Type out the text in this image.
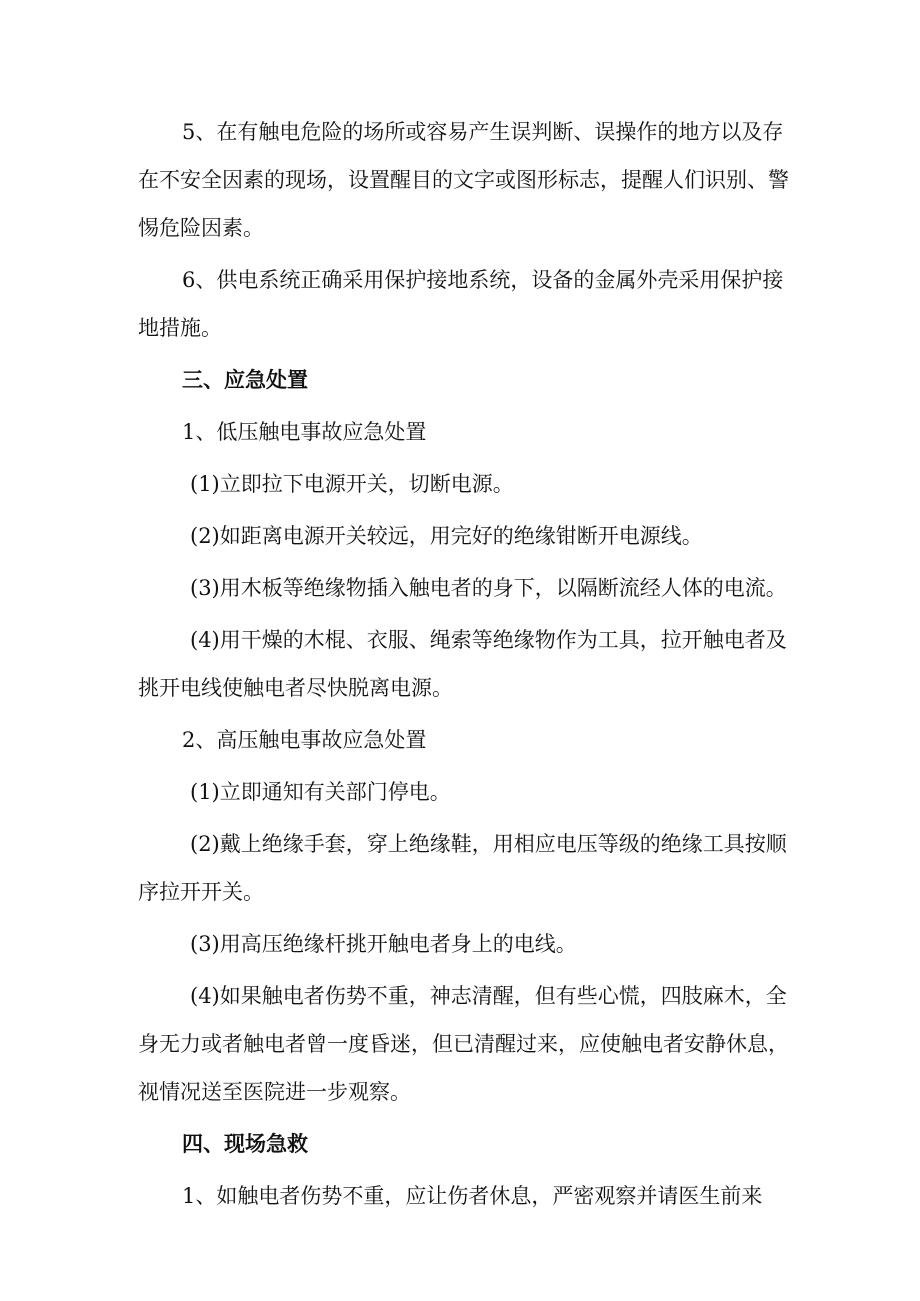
5、在有触电危险的场所或容易产生误判断、误操作的地方以及存在不安全因素的现场，设置醒目的文字或图形标志，提醒人们识别、警惕危险因素。

6、供电系统正确采用保护接地系统，设备的金属外壳采用保护接地措施。

三、应急处置

1、低压触电事故应急处置

(1)立即拉下电源开关，切断电源。

(2)如距离电源开关较远，用完好的绝缘钳断开电源线。

(3)用木板等绝缘物插入触电者的身下，以隔断流经人体的电流。

(4)用干燥的木棍、衣服、绳索等绝缘物作为工具，拉开触电者及挑开电线使触电者尽快脱离电源。

2、高压触电事故应急处置

(1)立即通知有关部门停电。

(2)戴上绝缘手套，穿上绝缘鞋，用相应电压等级的绝缘工具按顺序拉开开关。

(3)用高压绝缘杆挑开触电者身上的电线。

(4)如果触电者伤势不重，神志清醒，但有些心慌，四肢麻木，全身无力或者触电者曾一度昏迷，但已清醒过来，应使触电者安静休息，视情况送至医院进一步观察。

四、现场急救

1、如触电者伤势不重，应让伤者休息，严密观察并请医生前来
